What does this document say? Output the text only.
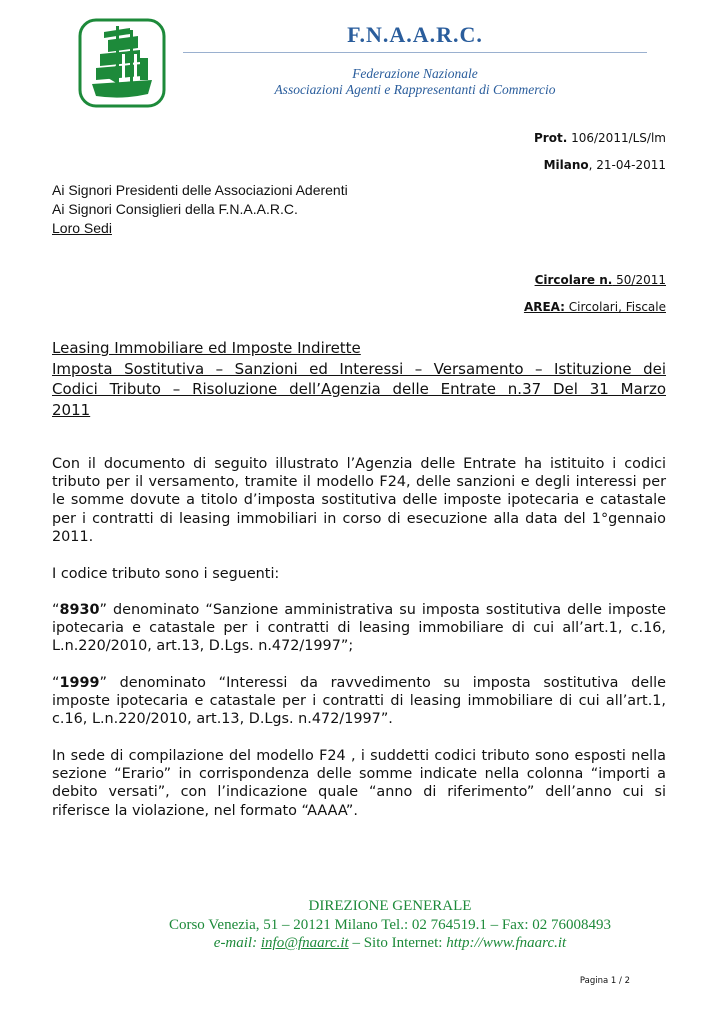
F.N.A.A.R.C.
Federazione Nazionale
Associazioni Agenti e Rappresentanti di Commercio
Prot. 106/2011/LS/lm
Milano, 21-04-2011
Ai Signori Presidenti delle Associazioni Aderenti
Ai Signori Consiglieri della F.N.A.A.R.C.
Loro Sedi
Circolare n. 50/2011
AREA: Circolari, Fiscale
Leasing Immobiliare ed Imposte Indirette
Imposta Sostitutiva – Sanzioni ed Interessi – Versamento – Istituzione dei
Codici Tributo – Risoluzione dell’Agenzia delle Entrate n.37 Del 31 Marzo
2011
Con il documento di seguito illustrato l’Agenzia delle Entrate ha istituito i codici
tributo per il versamento, tramite il modello F24, delle sanzioni e degli interessi per
le somme dovute a titolo d’imposta sostitutiva delle imposte ipotecaria e catastale
per i contratti di leasing immobiliari in corso di esecuzione alla data del 1°gennaio
2011.
I codice tributo sono i seguenti:
“8930” denominato “Sanzione amministrativa su imposta sostitutiva delle imposte
ipotecaria e catastale per i contratti di leasing immobiliare di cui all’art.1, c.16,
L.n.220/2010, art.13, D.Lgs. n.472/1997”;
“1999” denominato “Interessi da ravvedimento su imposta sostitutiva delle
imposte ipotecaria e catastale per i contratti di leasing immobiliare di cui all’art.1,
c.16, L.n.220/2010, art.13, D.Lgs. n.472/1997”.
In sede di compilazione del modello F24 , i suddetti codici tributo sono esposti nella
sezione “Erario” in corrispondenza delle somme indicate nella colonna “importi a
debito versati”, con l’indicazione quale “anno di riferimento” dell’anno cui si
riferisce la violazione, nel formato “AAAA”.
DIREZIONE GENERALE
Corso Venezia, 51 – 20121 Milano Tel.: 02 764519.1 – Fax: 02 76008493
e-mail: info@fnaarc.it – Sito Internet: http://www.fnaarc.it
Pagina 1 / 2
